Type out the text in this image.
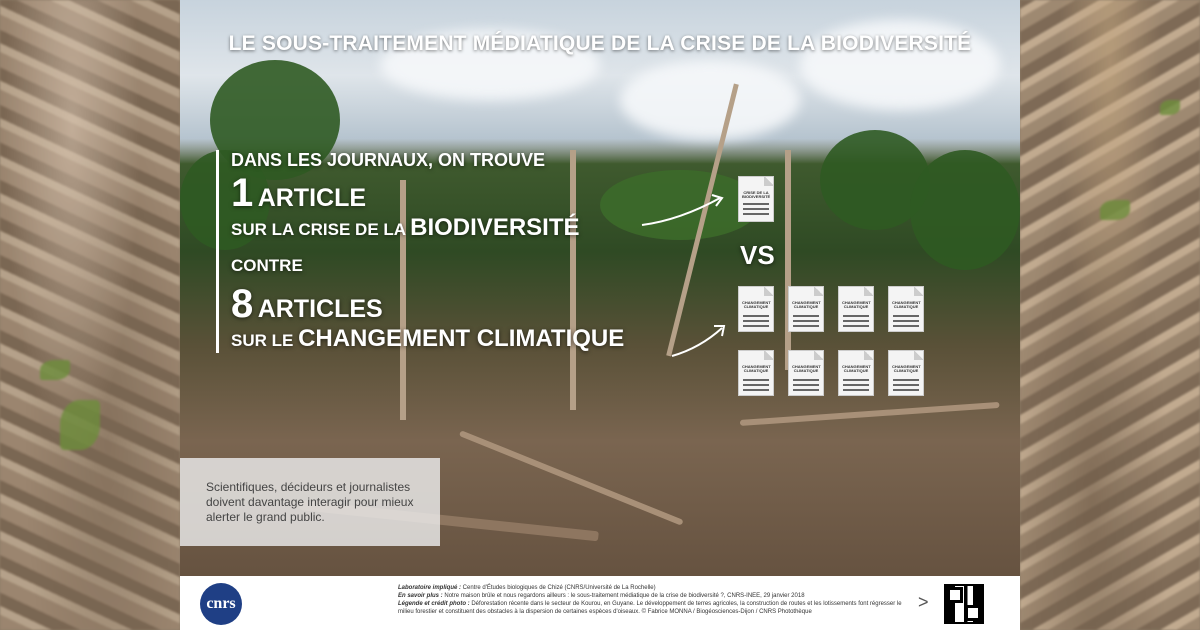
LE SOUS-TRAITEMENT MÉDIATIQUE DE LA CRISE DE LA BIODIVERSITÉ
DANS LES JOURNAUX, ON TROUVE
1 ARTICLE
SUR LA CRISE DE LA BIODIVERSITÉ
CONTRE
8 ARTICLES
SUR LE CHANGEMENT CLIMATIQUE
CRISE DE LA BIODIVERSITÉ
VS
CHANGEMENT CLIMATIQUE
CHANGEMENT CLIMATIQUE
CHANGEMENT CLIMATIQUE
CHANGEMENT CLIMATIQUE
CHANGEMENT CLIMATIQUE
CHANGEMENT CLIMATIQUE
CHANGEMENT CLIMATIQUE
CHANGEMENT CLIMATIQUE

Scientifiques, décideurs et journalistes doivent davantage interagir pour mieux alerter le grand public.

cnrs
Laboratoire impliqué : Centre d'Études biologiques de Chizé (CNRS/Université de La Rochelle)
En savoir plus : Notre maison brûle et nous regardons ailleurs : le sous-traitement médiatique de la crise de biodiversité ?, CNRS-INEE, 29 janvier 2018
Légende et crédit photo : Déforestation récente dans le secteur de Kourou, en Guyane. Le développement de terres agricoles, la construction de routes et les lotissements font régresser le milieu forestier et constituent des obstacles à la dispersion de certaines espèces d'oiseaux. © Fabrice MONNA / Biogéosciences-Dijon / CNRS Photothèque	>
